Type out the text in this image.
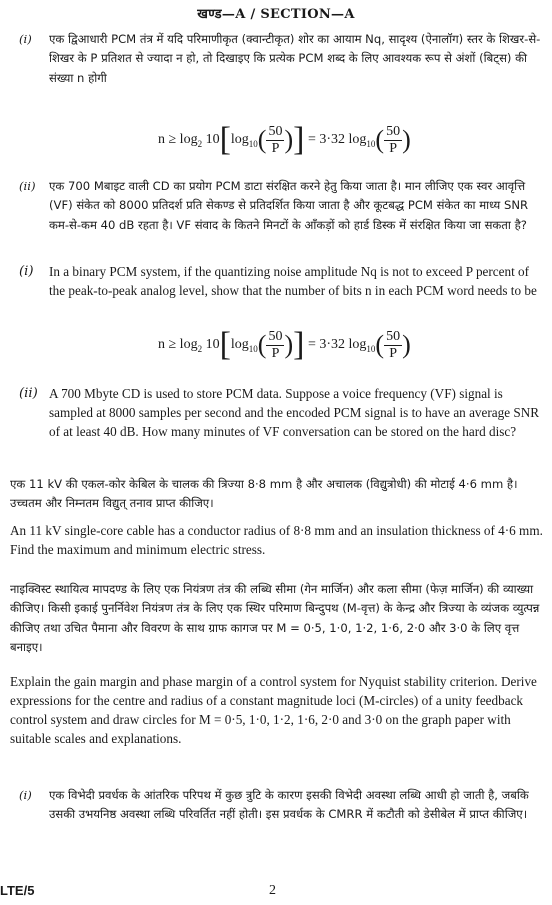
खण्ड—A / SECTION—A
(i) एक द्विआधारी PCM तंत्र में यदि परिमाणीकृत (क्वान्टीकृत) शोर का आयाम Nq, सादृश्य (ऐनालॉग) स्तर के शिखर-से-शिखर के P प्रतिशत से ज्यादा न हो, तो दिखाइए कि प्रत्येक PCM शब्द के लिए आवश्यक रूप से अंशों (बिट्स) की संख्या n होगी
$n \ge \log_2 10[\log_{10}( \frac{50}{P}$ )] = 3·32 $\log_{10}( \frac{50}{P}$ )
(ii) एक 700 Mबाइट वाली CD का प्रयोग PCM डाटा संरक्षित करने हेतु किया जाता है। मान लीजिए एक स्वर आवृत्ति (VF) संकेत को 8000 प्रतिदर्श प्रति सेकण्ड से प्रतिदर्शित किया जाता है और कूटबद्ध PCM संकेत का माध्य SNR कम-से-कम 40 dB रहता है। VF संवाद के कितने मिनटों के आँकड़ों को हार्ड डिस्क में संरक्षित किया जा सकता है?
(i) In a binary PCM system, if the quantizing noise amplitude Nq is not to exceed P percent of the peak-to-peak analog level, show that the number of bits n in each PCM word needs to be
$n \ge \log_2 10[\log_{10}( \frac{50}{P}$ )] = 3·32 $\log_{10}( \frac{50}{P}$ )
(ii) A 700 Mbyte CD is used to store PCM data. Suppose a voice frequency (VF) signal is sampled at 8000 samples per second and the encoded PCM signal is to have an average SNR of at least 40 dB. How many minutes of VF conversation can be stored on the hard disc?
एक 11 kV की एकल-कोर केबिल के चालक की त्रिज्या 8·8 mm है और अचालक (विद्युत्रोधी) की मोटाई 4·6 mm है। उच्चतम और निम्नतम विद्युत् तनाव प्राप्त कीजिए।
An 11 kV single-core cable has a conductor radius of 8·8 mm and an insulation thickness of 4·6 mm. Find the maximum and minimum electric stress.
नाइक्विस्ट स्थायित्व मापदण्ड के लिए एक नियंत्रण तंत्र की लब्धि सीमा (गेन मार्जिन) और कला सीमा (फेज़ मार्जिन) की व्याख्या कीजिए। किसी इकाई पुनर्निवेश नियंत्रण तंत्र के लिए एक स्थिर परिमाण बिन्दुपथ (M-वृत्त) के केन्द्र और त्रिज्या के व्यंजक व्युत्पन्न कीजिए तथा उचित पैमाना और विवरण के साथ ग्राफ कागज पर M = 0·5, 1·0, 1·2, 1·6, 2·0 और 3·0 के लिए वृत्त बनाइए।
Explain the gain margin and phase margin of a control system for Nyquist stability criterion. Derive expressions for the centre and radius of a constant magnitude loci (M-circles) of a unity feedback control system and draw circles for M = 0·5, 1·0, 1·2, 1·6, 2·0 and 3·0 on the graph paper with suitable scales and explanations.
(i) एक विभेदी प्रवर्धक के आंतरिक परिपथ में कुछ त्रुटि के कारण इसकी विभेदी अवस्था लब्धि आधी हो जाती है, जबकि उसकी उभयनिष्ठ अवस्था लब्धि परिवर्तित नहीं होती। इस प्रवर्धक के CMRR में कटौती को डेसीबेल में प्राप्त कीजिए।
LTE/5	2
